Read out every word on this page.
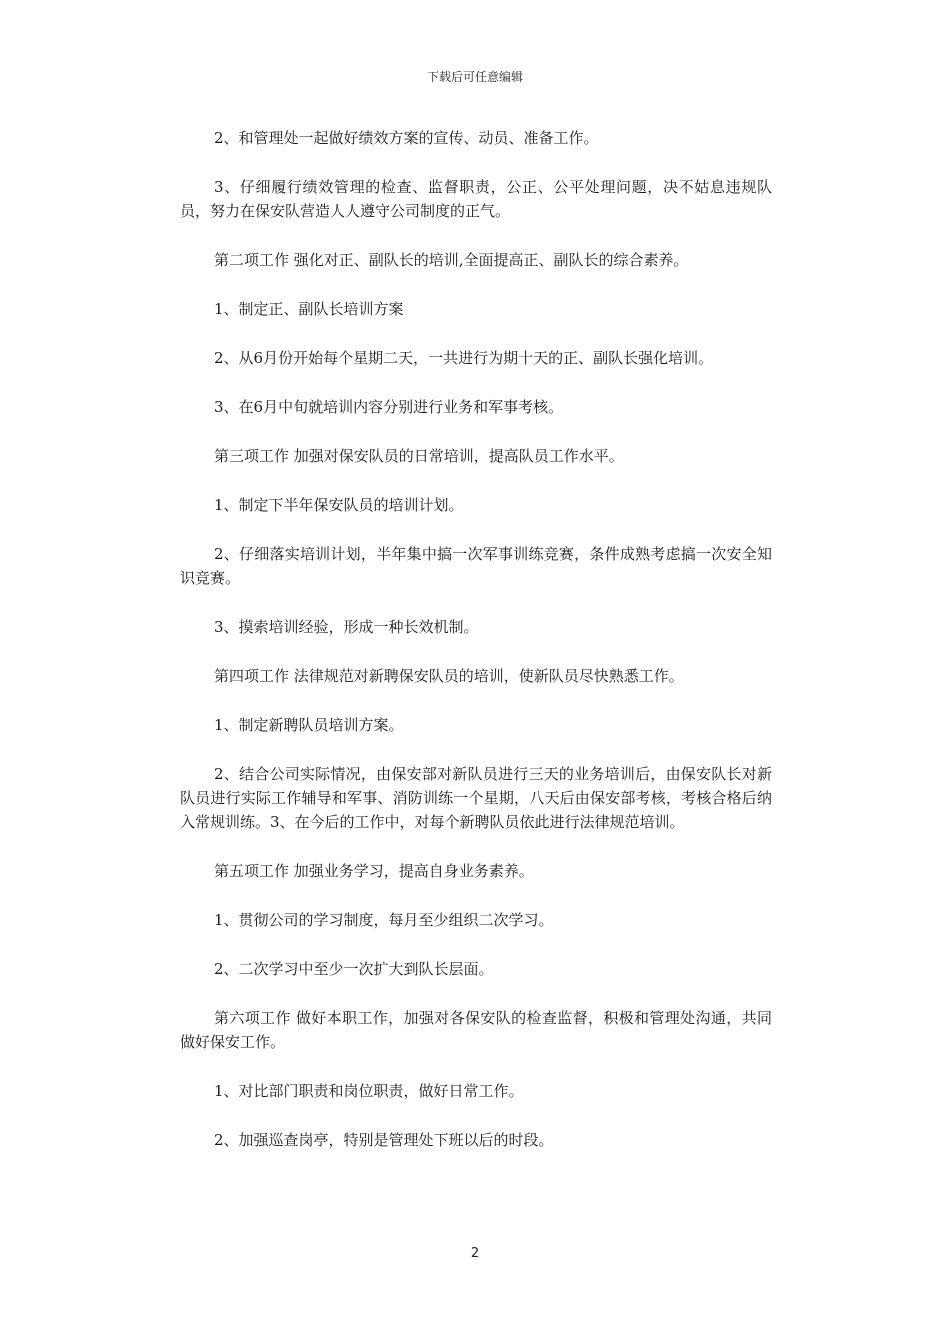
下载后可任意编辑

2、和管理处一起做好绩效方案的宣传、动员、准备工作。

3、仔细履行绩效管理的检查、监督职责，公正、公平处理问题，决不姑息违规队员，努力在保安队营造人人遵守公司制度的正气。

第二项工作 强化对正、副队长的培训,全面提高正、副队长的综合素养。

1、制定正、副队长培训方案

2、从6月份开始每个星期二天，一共进行为期十天的正、副队长强化培训。

3、在6月中旬就培训内容分别进行业务和军事考核。

第三项工作 加强对保安队员的日常培训，提高队员工作水平。

1、制定下半年保安队员的培训计划。

2、仔细落实培训计划，半年集中搞一次军事训练竞赛，条件成熟考虑搞一次安全知识竞赛。

3、摸索培训经验，形成一种长效机制。

第四项工作 法律规范对新聘保安队员的培训，使新队员尽快熟悉工作。

1、制定新聘队员培训方案。

2、结合公司实际情况，由保安部对新队员进行三天的业务培训后，由保安队长对新队员进行实际工作辅导和军事、消防训练一个星期，八天后由保安部考核，考核合格后纳入常规训练。3、在今后的工作中，对每个新聘队员依此进行法律规范培训。

第五项工作 加强业务学习，提高自身业务素养。

1、贯彻公司的学习制度，每月至少组织二次学习。

2、二次学习中至少一次扩大到队长层面。

第六项工作 做好本职工作，加强对各保安队的检查监督，积极和管理处沟通，共同做好保安工作。

1、对比部门职责和岗位职责，做好日常工作。

2、加强巡查岗亭，特别是管理处下班以后的时段。

2
